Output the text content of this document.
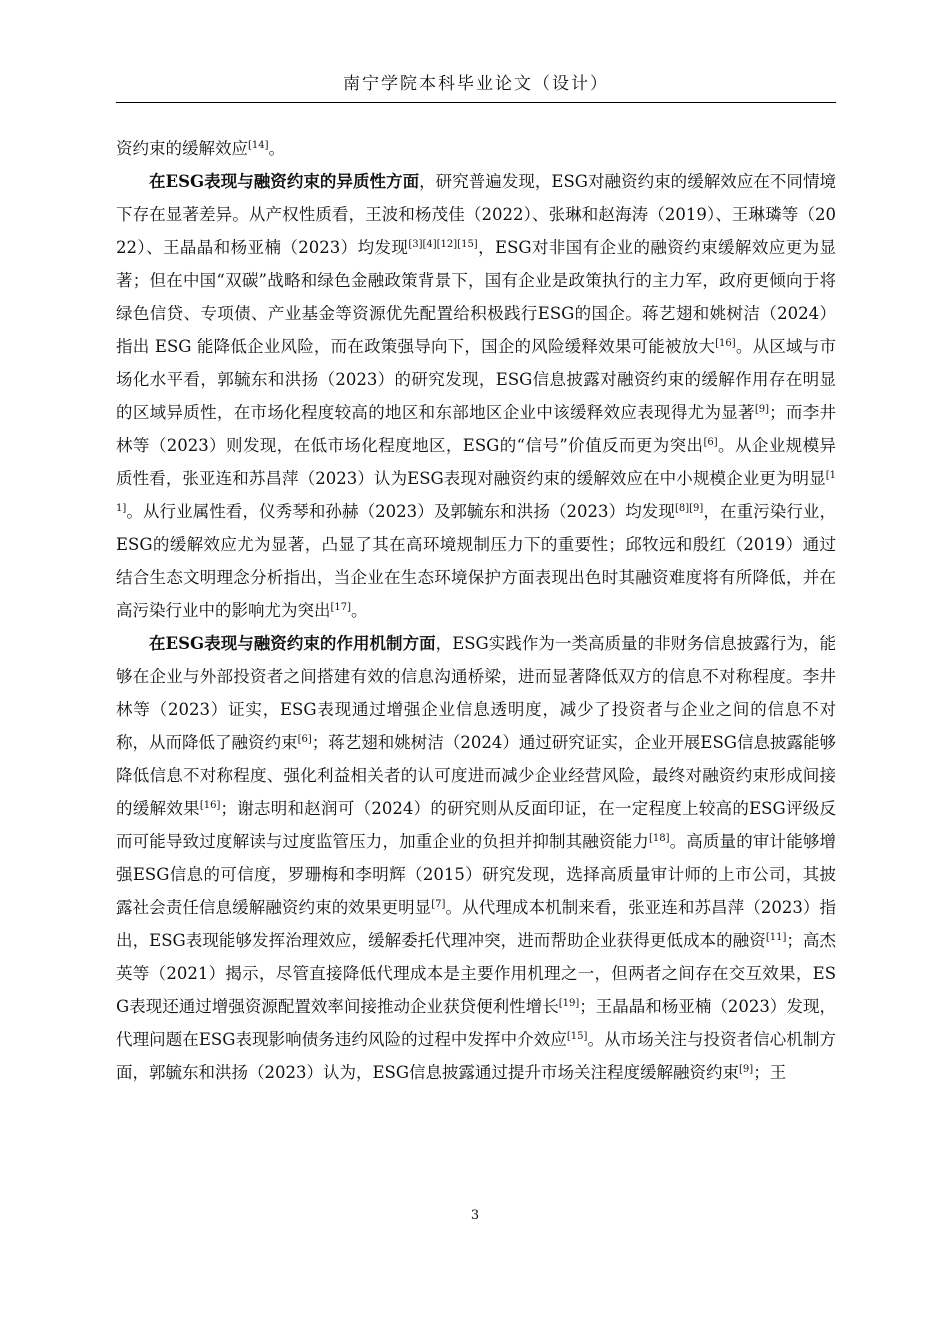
南宁学院本科毕业论文（设计）

资约束的缓解效应[14]。

在ESG表现与融资约束的异质性方面，研究普遍发现，ESG对融资约束的缓解效应在不同情境下存在显著差异。从产权性质看，王波和杨茂佳（2022）、张琳和赵海涛（2019）、王琳璘等（2022）、王晶晶和杨亚楠（2023）均发现[3][4][12][15]，ESG对非国有企业的融资约束缓解效应更为显著；但在中国“双碳”战略和绿色金融政策背景下，国有企业是政策执行的主力军，政府更倾向于将绿色信贷、专项债、产业基金等资源优先配置给积极践行ESG的国企。蒋艺翅和姚树洁（2024）指出 ESG 能降低企业风险，而在政策强导向下，国企的风险缓释效果可能被放大[16]。从区域与市场化水平看，郭毓东和洪扬（2023）的研究发现，ESG信息披露对融资约束的缓解作用存在明显的区域异质性，在市场化程度较高的地区和东部地区企业中该缓释效应表现得尤为显著[9]；而李井林等（2023）则发现，在低市场化程度地区，ESG的“信号”价值反而更为突出[6]。从企业规模异质性看，张亚连和苏昌萍（2023）认为ESG表现对融资约束的缓解效应在中小规模企业更为明显[11]。从行业属性看，仪秀琴和孙赫（2023）及郭毓东和洪扬（2023）均发现[8][9]，在重污染行业，ESG的缓解效应尤为显著，凸显了其在高环境规制压力下的重要性；邱牧远和殷红（2019）通过结合生态文明理念分析指出，当企业在生态环境保护方面表现出色时其融资难度将有所降低，并在高污染行业中的影响尤为突出[17]。

在ESG表现与融资约束的作用机制方面，ESG实践作为一类高质量的非财务信息披露行为，能够在企业与外部投资者之间搭建有效的信息沟通桥梁，进而显著降低双方的信息不对称程度。李井林等（2023）证实，ESG表现通过增强企业信息透明度，减少了投资者与企业之间的信息不对称，从而降低了融资约束[6]；蒋艺翅和姚树洁（2024）通过研究证实，企业开展ESG信息披露能够降低信息不对称程度、强化利益相关者的认可度进而减少企业经营风险，最终对融资约束形成间接的缓解效果[16]；谢志明和赵润可（2024）的研究则从反面印证，在一定程度上较高的ESG评级反而可能导致过度解读与过度监管压力，加重企业的负担并抑制其融资能力[18]。高质量的审计能够增强ESG信息的可信度，罗珊梅和李明辉（2015）研究发现，选择高质量审计师的上市公司，其披露社会责任信息缓解融资约束的效果更明显[7]。从代理成本机制来看，张亚连和苏昌萍（2023）指出，ESG表现能够发挥治理效应，缓解委托代理冲突，进而帮助企业获得更低成本的融资[11]；高杰英等（2021）揭示，尽管直接降低代理成本是主要作用机理之一，但两者之间存在交互效果，ESG表现还通过增强资源配置效率间接推动企业获贷便利性增长[19]；王晶晶和杨亚楠（2023）发现，代理问题在ESG表现影响债务违约风险的过程中发挥中介效应[15]。从市场关注与投资者信心机制方面，郭毓东和洪扬（2023）认为，ESG信息披露通过提升市场关注程度缓解融资约束[9]；王

3
